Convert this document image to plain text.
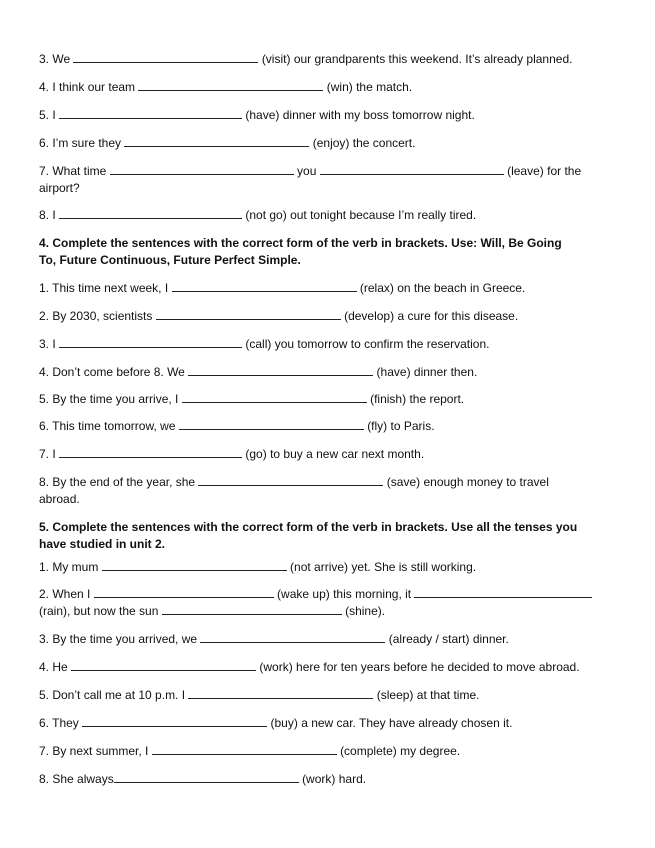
3. We	(visit) our grandparents this weekend. It’s already planned.
4. I think our team	(win) the match.
5. I	(have) dinner with my boss tomorrow night.
6. I’m sure they	(enjoy) the concert.
7. What time	you	(leave) for the
airport?
8. I	(not go) out tonight because I’m really tired.
4. Complete the sentences with the correct form of the verb in brackets. Use: Will, Be Going
To, Future Continuous, Future Perfect Simple.
1. This time next week, I	(relax) on the beach in Greece.
2. By 2030, scientists	(develop) a cure for this disease.
3. I	(call) you tomorrow to confirm the reservation.
4. Don’t come before 8. We	(have) dinner then.
5. By the time you arrive, I	(finish) the report.
6. This time tomorrow, we	(fly) to Paris.
7. I	(go) to buy a new car next month.
8. By the end of the year, she	(save) enough money to travel
abroad.
5. Complete the sentences with the correct form of the verb in brackets. Use all the tenses you
have studied in unit 2.
1. My mum	(not arrive) yet. She is still working.
2. When I	(wake up) this morning, it
(rain), but now the sun	(shine).
3. By the time you arrived, we	(already / start) dinner.
4. He	(work) here for ten years before he decided to move abroad.
5. Don’t call me at 10 p.m. I	(sleep) at that time.
6. They	(buy) a new car. They have already chosen it.
7. By next summer, I	(complete) my degree.
8. She always	(work) hard.
